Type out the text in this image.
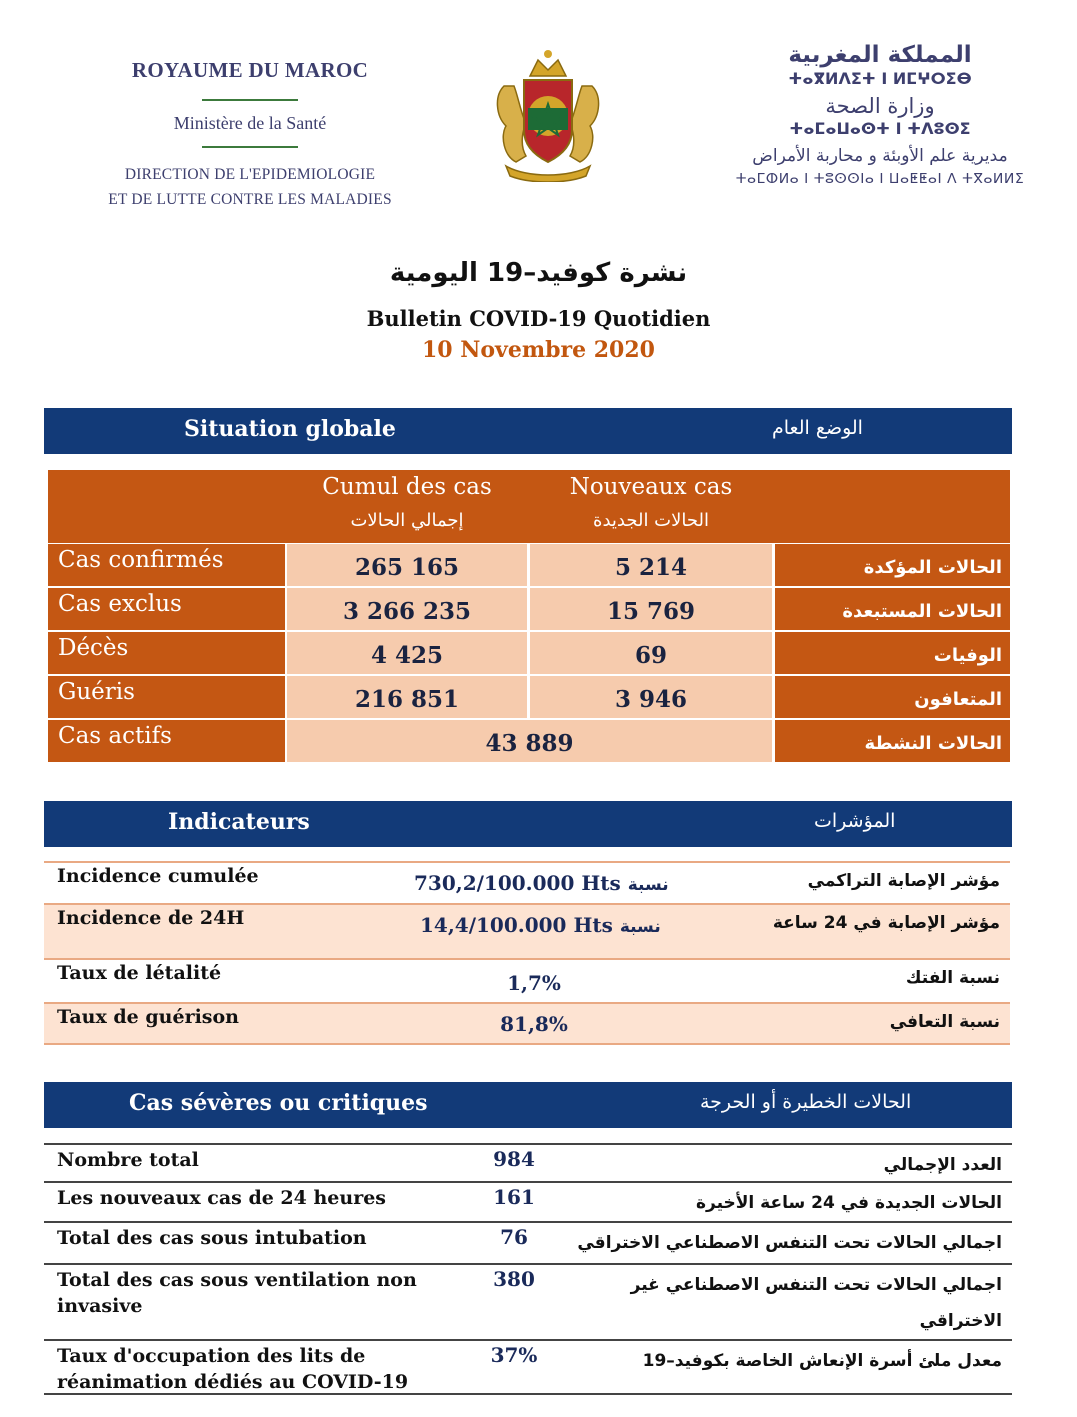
ROYAUME DU MAROC
Ministère de la Santé
DIRECTION DE L'EPIDEMIOLOGIE
ET DE LUTTE CONTRE LES MALADIES
المملكة المغربية
ⵜⴰⴳⵍⴷⵉⵜ ⵏ ⵍⵎⵖⵔⵉⴱ
وزارة الصحة
ⵜⴰⵎⴰⵡⴰⵙⵜ ⵏ ⵜⴷⵓⵙⵉ
مديرية علم الأوبئة و محاربة الأمراض
ⵜⴰⵎⵀⵍⴰ ⵏ ⵜⵓⵙⵙⵏⴰ ⵏ ⵡⴰⵟⵟⴰⵏ ⴷ ⵜⴳⴰⵍⵍⵉ
نشرة كوفيد–19 اليومية
Bulletin COVID-19 Quotidien
10 Novembre 2020
Situation globale	الوضع العام
Cumul des cas
إجمالي الحالات
Nouveaux cas
الحالات الجديدة
Cas confirmés	265 165	5 214	الحالات المؤكدة
Cas exclus	3 266 235	15 769	الحالات المستبعدة
Décès	4 425	69	الوفيات
Guéris	216 851	3 946	المتعافون
Cas actifs	43 889	الحالات النشطة
Indicateurs	المؤشرات
Incidence cumulée	730,2/100.000 Hts نسبة	مؤشر الإصابة التراكمي
Incidence de 24H	14,4/100.000 Hts نسبة	مؤشر الإصابة في 24 ساعة
Taux de létalité	1,7%	نسبة الفتك
Taux de guérison	81,8%	نسبة التعافي
Cas sévères ou critiques	الحالات الخطيرة أو الحرجة
Nombre total	984	العدد الإجمالي
Les nouveaux cas de 24 heures	161	الحالات الجديدة في 24 ساعة الأخيرة
Total des cas sous intubation	76	اجمالي الحالات تحت التنفس الاصطناعي الاختراقي
Total des cas sous ventilation non
invasive
380	اجمالي الحالات تحت التنفس الاصطناعي غير
الاختراقي
Taux d'occupation des lits de
réanimation dédiés au COVID-19
37%	معدل ملئ أسرة الإنعاش الخاصة بكوفيد–19
